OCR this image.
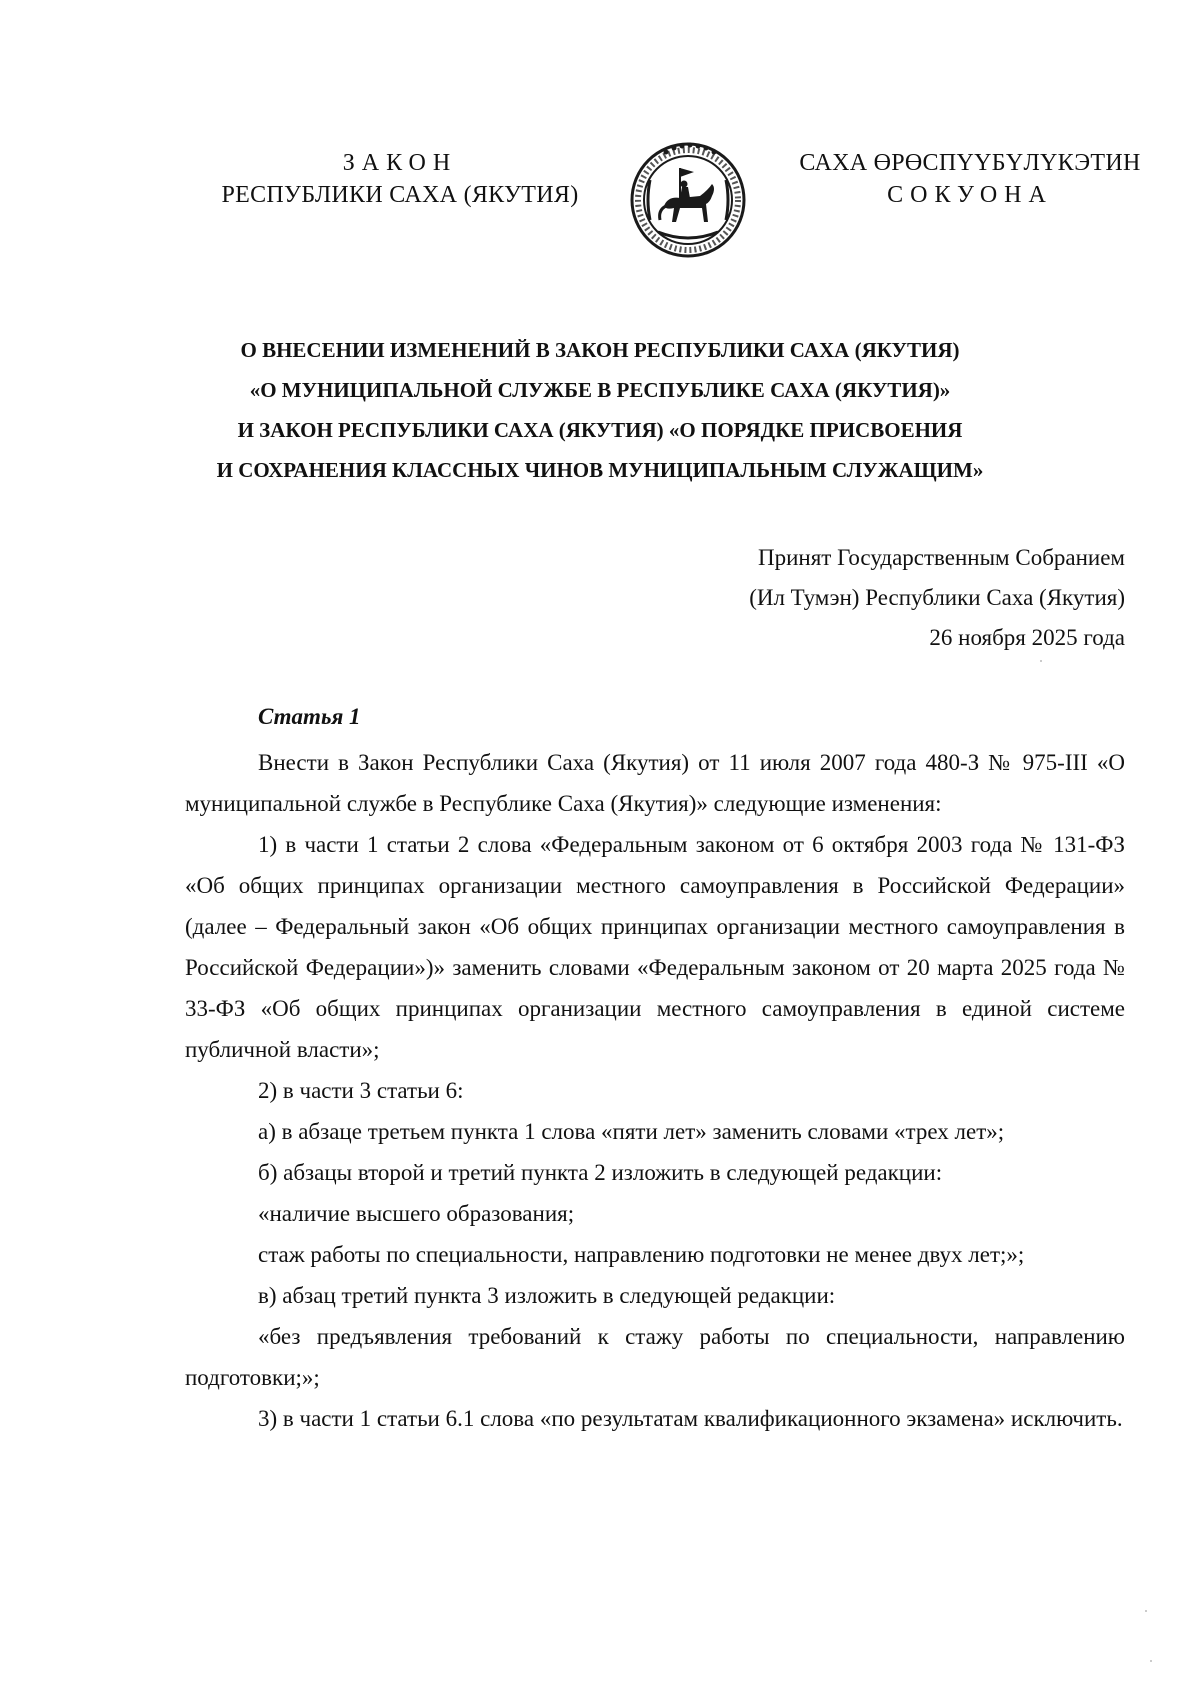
ЗАКОН
РЕСПУБЛИКИ САХА (ЯКУТИЯ)
САХА ӨРӨСПҮҮБҮЛҮКЭТИН
СОКУОНА
О ВНЕСЕНИИ ИЗМЕНЕНИЙ В ЗАКОН РЕСПУБЛИКИ САХА (ЯКУТИЯ)
«О МУНИЦИПАЛЬНОЙ СЛУЖБЕ В РЕСПУБЛИКЕ САХА (ЯКУТИЯ)»
И ЗАКОН РЕСПУБЛИКИ САХА (ЯКУТИЯ) «О ПОРЯДКЕ ПРИСВОЕНИЯ
И СОХРАНЕНИЯ КЛАССНЫХ ЧИНОВ МУНИЦИПАЛЬНЫМ СЛУЖАЩИМ»
Принят Государственным Собранием
(Ил Тумэн) Республики Саха (Якутия)
26 ноября 2025 года
Статья 1

Внести в Закон Республики Саха (Якутия) от 11 июля 2007 года 480-З № 975-III «О муниципальной службе в Республике Саха (Якутия)» следующие изменения:

1) в части 1 статьи 2 слова «Федеральным законом от 6 октября 2003 года № 131-ФЗ «Об общих принципах организации местного самоуправления в Российской Федерации» (далее – Федеральный закон «Об общих принципах организации местного самоуправления в Российской Федерации»)» заменить словами «Федеральным законом от 20 марта 2025 года № 33-ФЗ «Об общих принципах организации местного самоуправления в единой системе публичной власти»;

2) в части 3 статьи 6:

а) в абзаце третьем пункта 1 слова «пяти лет» заменить словами «трех лет»;

б) абзацы второй и третий пункта 2 изложить в следующей редакции:

«наличие высшего образования;

стаж работы по специальности, направлению подготовки не менее двух лет;»;

в) абзац третий пункта 3 изложить в следующей редакции:

«без предъявления требований к стажу работы по специальности, направлению подготовки;»;

3) в части 1 статьи 6.1 слова «по результатам квалификационного экзамена» исключить.
